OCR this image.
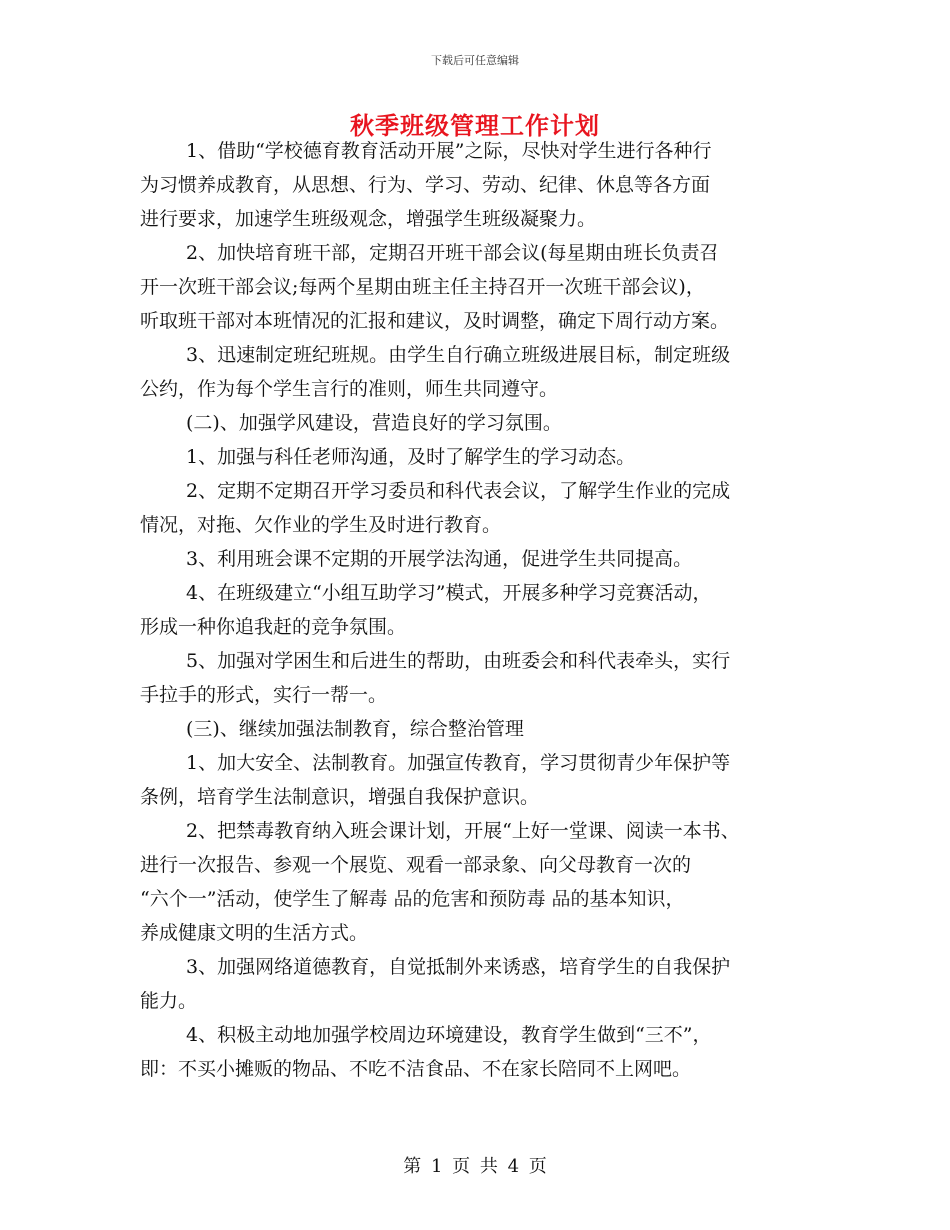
下载后可任意编辑
秋季班级管理工作计划
1、借助“学校德育教育活动开展”之际，尽快对学生进行各种行
为习惯养成教育，从思想、行为、学习、劳动、纪律、休息等各方面
进行要求，加速学生班级观念，增强学生班级凝聚力。
2、加快培育班干部，定期召开班干部会议(每星期由班长负责召
开一次班干部会议;每两个星期由班主任主持召开一次班干部会议)，
听取班干部对本班情况的汇报和建议，及时调整，确定下周行动方案。
3、迅速制定班纪班规。由学生自行确立班级进展目标，制定班级
公约，作为每个学生言行的准则，师生共同遵守。
(二)、加强学风建设，营造良好的学习氛围。
1、加强与科任老师沟通，及时了解学生的学习动态。
2、定期不定期召开学习委员和科代表会议，了解学生作业的完成
情况，对拖、欠作业的学生及时进行教育。
3、利用班会课不定期的开展学法沟通，促进学生共同提高。
4、在班级建立“小组互助学习”模式，开展多种学习竞赛活动，
形成一种你追我赶的竞争氛围。
5、加强对学困生和后进生的帮助，由班委会和科代表牵头，实行
手拉手的形式，实行一帮一。
(三)、继续加强法制教育，综合整治管理
1、加大安全、法制教育。加强宣传教育，学习贯彻青少年保护等
条例，培育学生法制意识，增强自我保护意识。
2、把禁毒教育纳入班会课计划，开展“上好一堂课、阅读一本书、
进行一次报告、参观一个展览、观看一部录象、向父母教育一次的
“六个一”活动，使学生了解毒 品的危害和预防毒 品的基本知识，
养成健康文明的生活方式。
3、加强网络道德教育，自觉抵制外来诱惑，培育学生的自我保护
能力。
4、积极主动地加强学校周边环境建设，教育学生做到“三不”，
即：不买小摊贩的物品、不吃不洁食品、不在家长陪同不上网吧。
第 1 页 共 4 页
